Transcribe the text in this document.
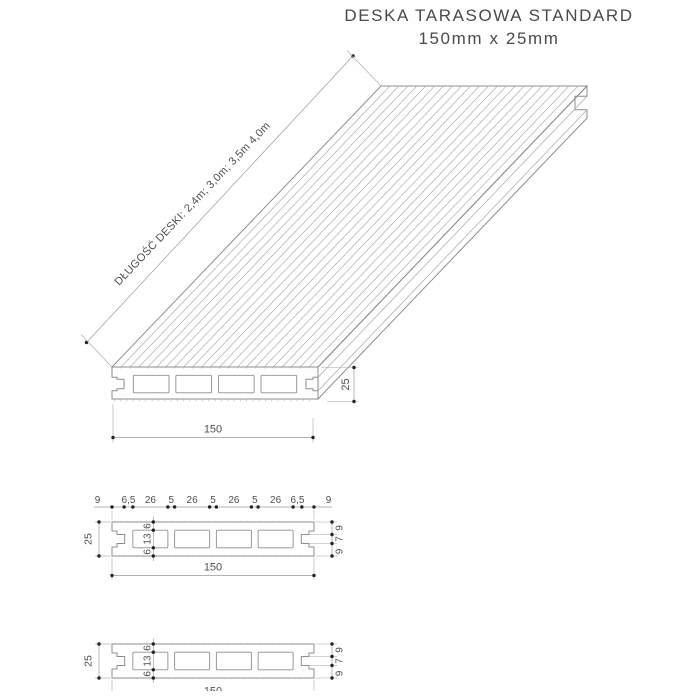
DESKA TARASOWA STANDARD
150mm x 25mm
DŁUGOŚĆ DESKI: 2,4m; 3,0m; 3,5m 4,0m
150
25
25
6
13
6
9
7
9
9 6,5 26 5 26 5 26 5 26 6,5 9
150
25
6
13
6
9
7
9
